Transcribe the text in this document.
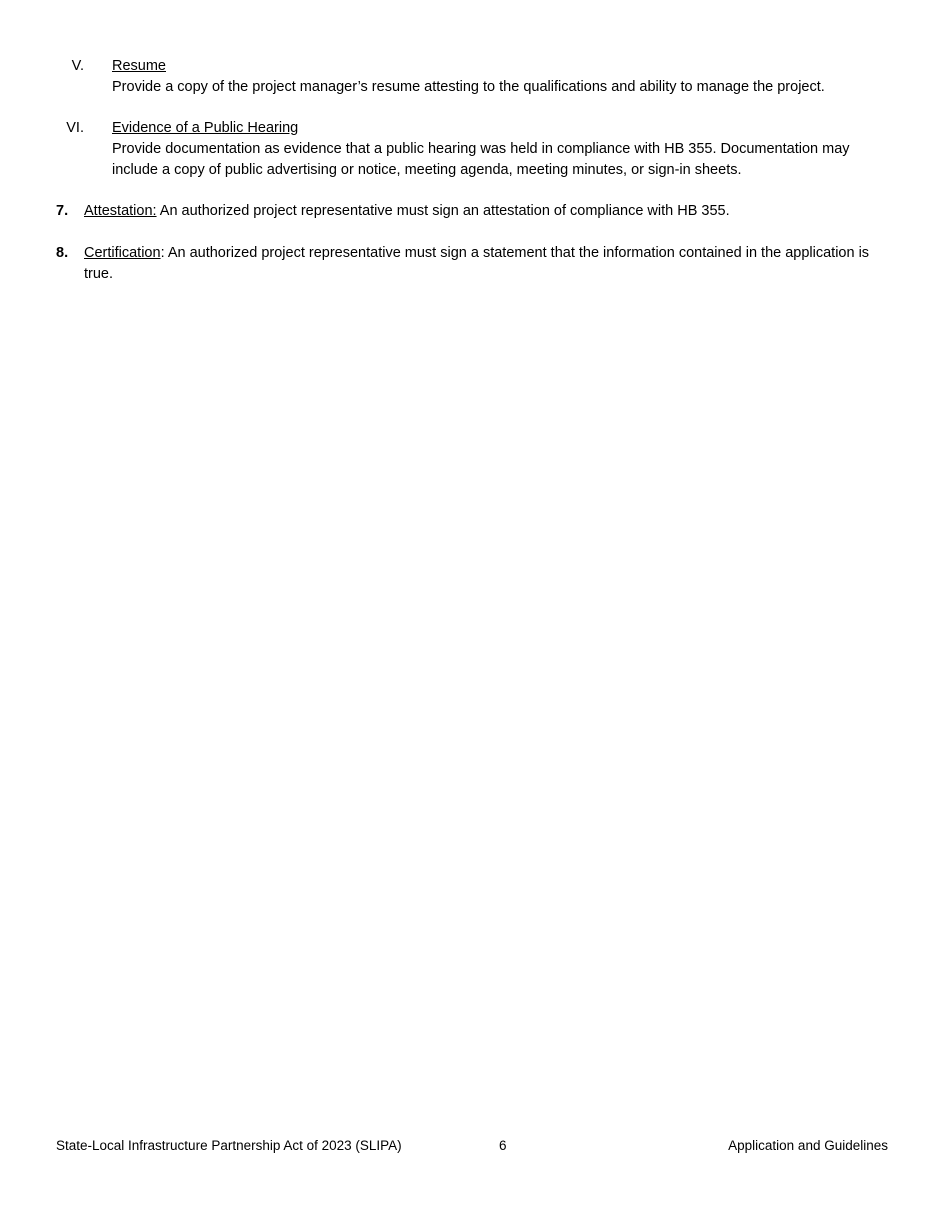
V. Resume
Provide a copy of the project manager’s resume attesting to the qualifications and ability to manage the project.
VI. Evidence of a Public Hearing
Provide documentation as evidence that a public hearing was held in compliance with HB 355. Documentation may include a copy of public advertising or notice, meeting agenda, meeting minutes, or sign-in sheets.
7. Attestation: An authorized project representative must sign an attestation of compliance with HB 355.
8. Certification: An authorized project representative must sign a statement that the information contained in the application is true.
State-Local Infrastructure Partnership Act of 2023 (SLIPA)	6	Application and Guidelines
